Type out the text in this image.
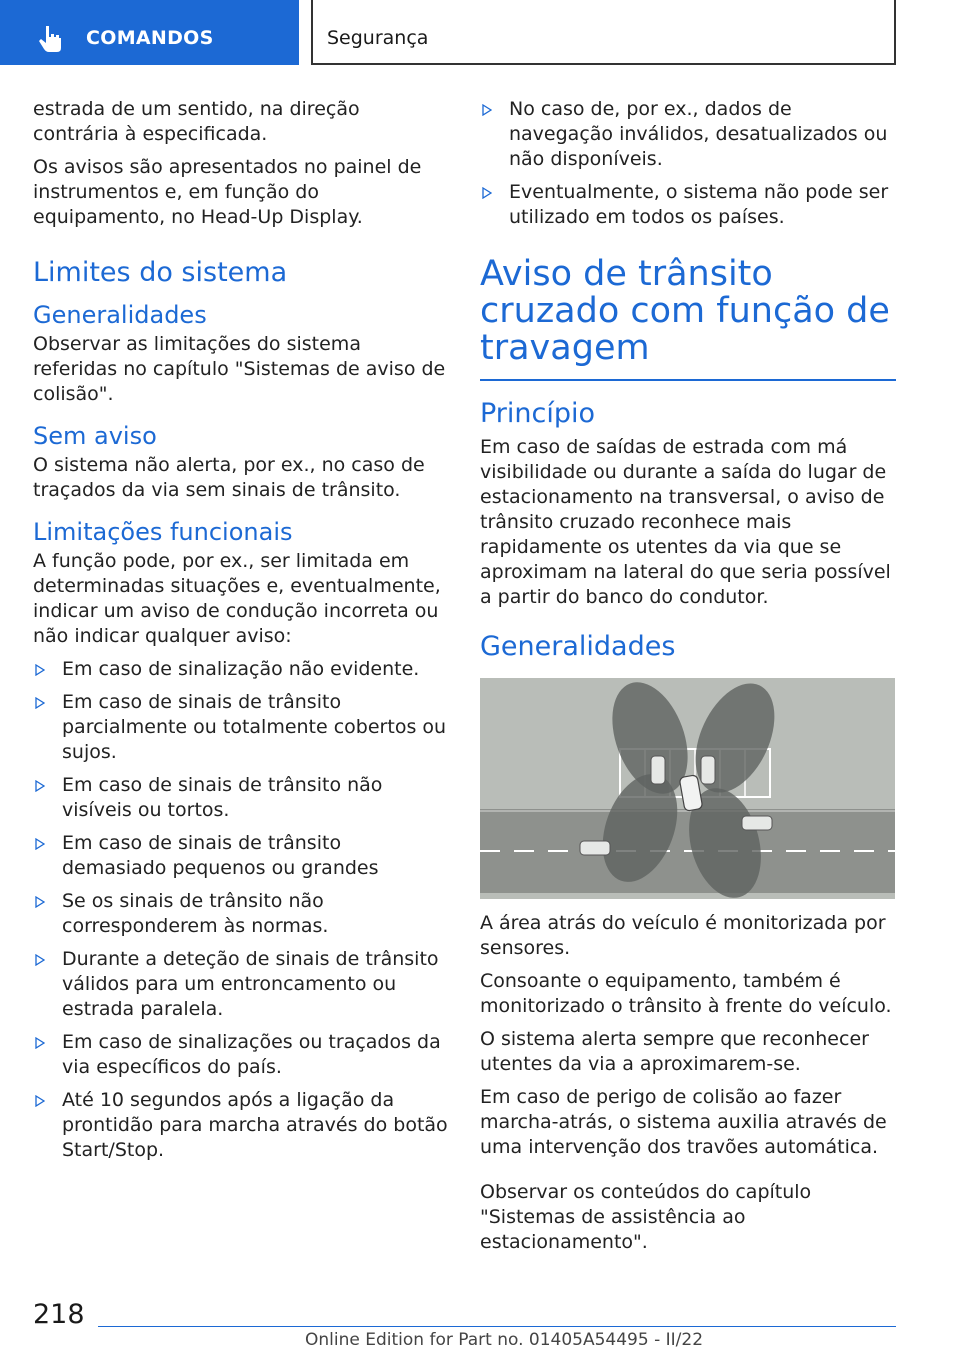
COMANDOS	Segurança

estrada de um sentido, na direção contrária à especificada.

Os avisos são apresentados no painel de instrumentos e, em função do equipamento, no Head-Up Display.

Limites do sistema
Generalidades

Observar as limitações do sistema referidas no capítulo "Sistemas de aviso de colisão".

Sem aviso

O sistema não alerta, por ex., no caso de traçados da via sem sinais de trânsito.

Limitações funcionais

A função pode, por ex., ser limitada em determinadas situações e, eventualmente, indicar um aviso de condução incorreta ou não indicar qualquer aviso:

Em caso de sinalização não evidente.
Em caso de sinais de trânsito parcialmente ou totalmente cobertos ou sujos.
Em caso de sinais de trânsito não visíveis ou tortos.
Em caso de sinais de trânsito demasiado pequenos ou grandes
Se os sinais de trânsito não corresponderem às normas.
Durante a deteção de sinais de trânsito válidos para um entroncamento ou estrada paralela.
Em caso de sinalizações ou traçados da via específicos do país.
Até 10 segundos após a ligação da prontidão para marcha através do botão Start/Stop.
No caso de, por ex., dados de navegação inválidos, desatualizados ou não disponíveis.
Eventualmente, o sistema não pode ser utilizado em todos os países.
Aviso de trânsito cruzado com função de travagem
Princípio

Em caso de saídas de estrada com má visibilidade ou durante a saída do lugar de estacionamento na transversal, o aviso de trânsito cruzado reconhece mais rapidamente os utentes da via que se aproximam na lateral do que seria possível a partir do banco do condutor.

Generalidades

A área atrás do veículo é monitorizada por sensores.

Consoante o equipamento, também é monitorizado o trânsito à frente do veículo.

O sistema alerta sempre que reconhecer utentes da via a aproximarem-se.

Em caso de perigo de colisão ao fazer marcha-atrás, o sistema auxilia através de uma intervenção dos travões automática.

Observar os conteúdos do capítulo "Sistemas de assistência ao estacionamento".

218
Online Edition for Part no. 01405A54495 - II/22
